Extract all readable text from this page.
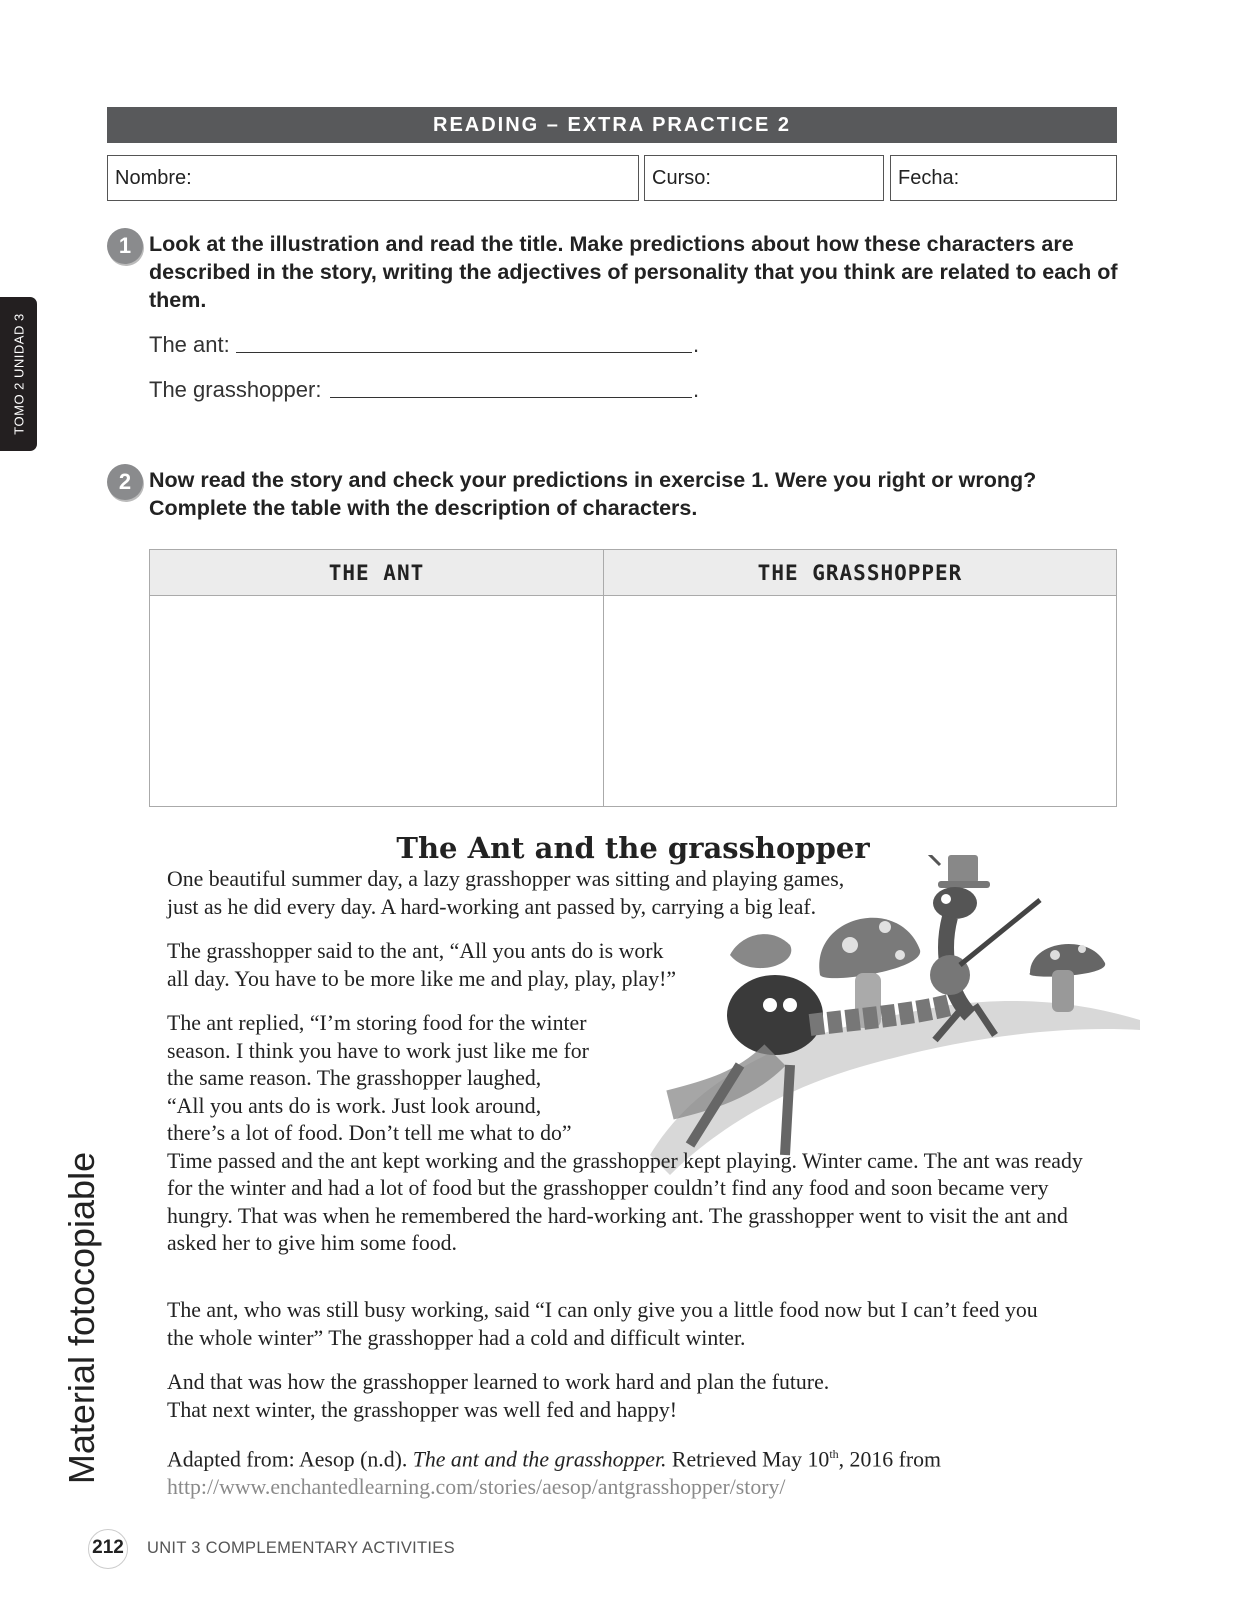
READING – EXTRA PRACTICE 2
Nombre:	Curso:	Fecha:
TOMO 2 UNIDAD 3
1 Look at the illustration and read the title. Make predictions about how these characters are described in the story, writing the adjectives of personality that you think are related to each of them.
The ant:	.
The grasshopper:	.
2 Now read the story and check your predictions in exercise 1. Were you right or wrong? Complete the table with the description of characters.
THE ANT	THE GRASSHOPPER

The Ant and the grasshopper

One beautiful summer day, a lazy grasshopper was sitting and playing games,
just as he did every day. A hard-working ant passed by, carrying a big leaf.

The grasshopper said to the ant, “All you ants do is work
all day. You have to be more like me and play, play, play!”

The ant replied, “I’m storing food for the winter
season. I think you have to work just like me for
the same reason. The grasshopper laughed,
“All you ants do is work. Just look around,
there’s a lot of food. Don’t tell me what to do”
Time passed and the ant kept working and the grasshopper kept playing. Winter came. The ant was ready
for the winter and had a lot of food but the grasshopper couldn’t find any food and soon became very
hungry. That was when he remembered the hard-working ant. The grasshopper went to visit the ant and
asked her to give him some food.

The ant, who was still busy working, said “I can only give you a little food now but I can’t feed you
the whole winter” The grasshopper had a cold and difficult winter.

And that was how the grasshopper learned to work hard and plan the future.
That next winter, the grasshopper was well fed and happy!

Adapted from: Aesop (n.d). The ant and the grasshopper. Retrieved May 10th, 2016 from
http://www.enchantedlearning.com/stories/aesop/antgrasshopper/story/

Material fotocopiable
212 UNIT 3 COMPLEMENTARY ACTIVITIES
